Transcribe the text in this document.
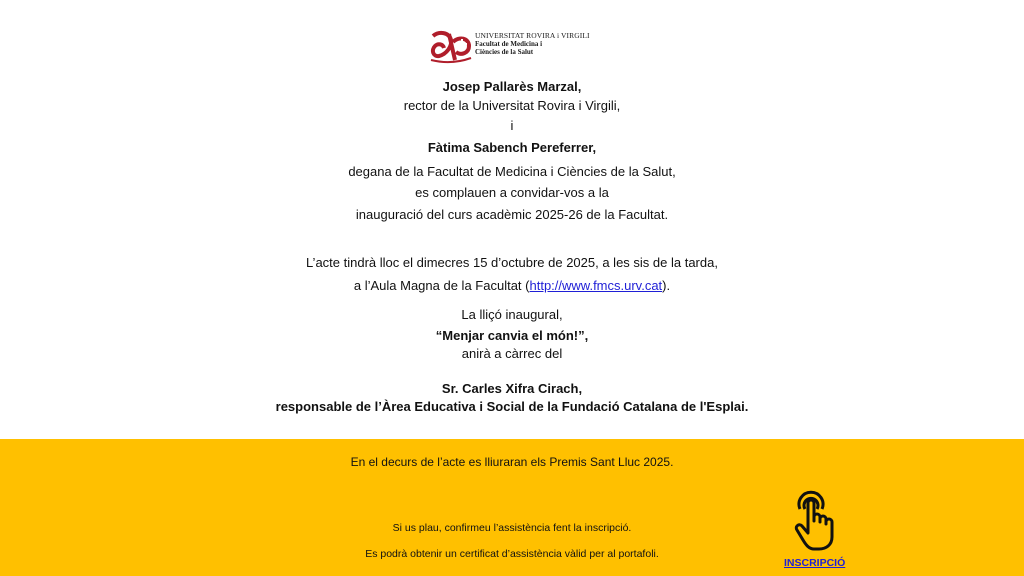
UNIVERSITAT ROVIRA i VIRGILI
Facultat de Medicina i
Ciències de la Salut
Josep Pallarès Marzal,
rector de la Universitat Rovira i Virgili,
i
Fàtima Sabench Pereferrer,
degana de la Facultat de Medicina i Ciències de la Salut,
es complauen a convidar-vos a la
inauguració del curs acadèmic 2025-26 de la Facultat.
L’acte tindrà lloc el dimecres 15 d’octubre de 2025, a les sis de la tarda,
a l’Aula Magna de la Facultat (http://www.fmcs.urv.cat).
La lliçó inaugural,
“Menjar canvia el món!”,
anirà a càrrec del
Sr. Carles Xifra Cirach,
responsable de l’Àrea Educativa i Social de la Fundació Catalana de l'Esplai.
En el decurs de l’acte es lliuraran els Premis Sant Lluc 2025.
Si us plau, confirmeu l’assistència fent la inscripció.
Es podrà obtenir un certificat d’assistència vàlid per al portafoli.
INSCRIPCIÓ
